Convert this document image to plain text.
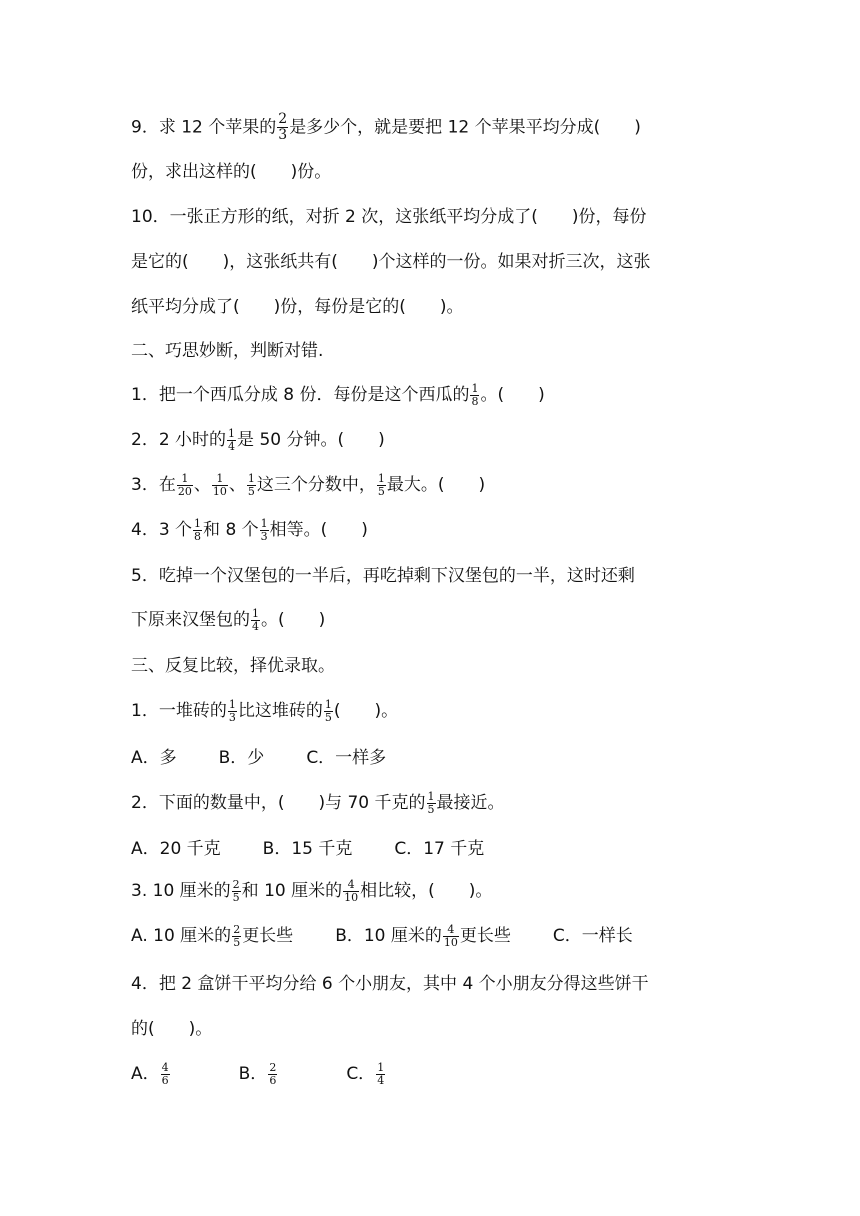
9．求 12 个苹果的 $\frac{2}{3}$ 是多少个，就是要把 12 个苹果平均分成(　　)
份，求出这样的(　　)份。
10．一张正方形的纸，对折 2 次，这张纸平均分成了(　　)份，每份
是它的(　　)，这张纸共有(　　)个这样的一份。如果对折三次，这张
纸平均分成了(　　)份，每份是它的(　　)。
二、巧思妙断，判断对错.
1．把一个西瓜分成 8 份．每份是这个西瓜的 $\frac{1}{8}$ 。(　　)
2．2 小时的 $\frac{1}{4}$ 是 50 分钟。(　　)
3．在 $\frac{1}{20}$ 、 $\frac{1}{10}$ 、 $\frac{1}{5}$ 这三个分数中， $\frac{1}{5}$ 最大。(　　)
4．3 个 $\frac{1}{8}$ 和 8 个 $\frac{1}{3}$ 相等。(　　)
5．吃掉一个汉堡包的一半后，再吃掉剩下汉堡包的一半，这时还剩
下原来汉堡包的 $\frac{1}{4}$ 。(　　)
三、反复比较，择优录取。
1．一堆砖的 $\frac{1}{3}$ 比这堆砖的 $\frac{1}{5}$ (　　)。
A．多 B．少 C．一样多
2．下面的数量中，(　　)与 70 千克的 $\frac{1}{5}$ 最接近。
A．20 千克 B．15 千克 C．17 千克
3. 10 厘米的 $\frac{2}{5}$ 和 10 厘米的 $\frac{4}{10}$ 相比较，(　　)。
A. 10 厘米的 $\frac{2}{5}$ 更长些 B．10 厘米的 $\frac{4}{10}$ 更长些 C．一样长
4．把 2 盒饼干平均分给 6 个小朋友，其中 4 个小朋友分得这些饼干
的(　　)。
A． $\frac{4}{6}$	B． $\frac{2}{6}$	C． $\frac{1}{4}$
